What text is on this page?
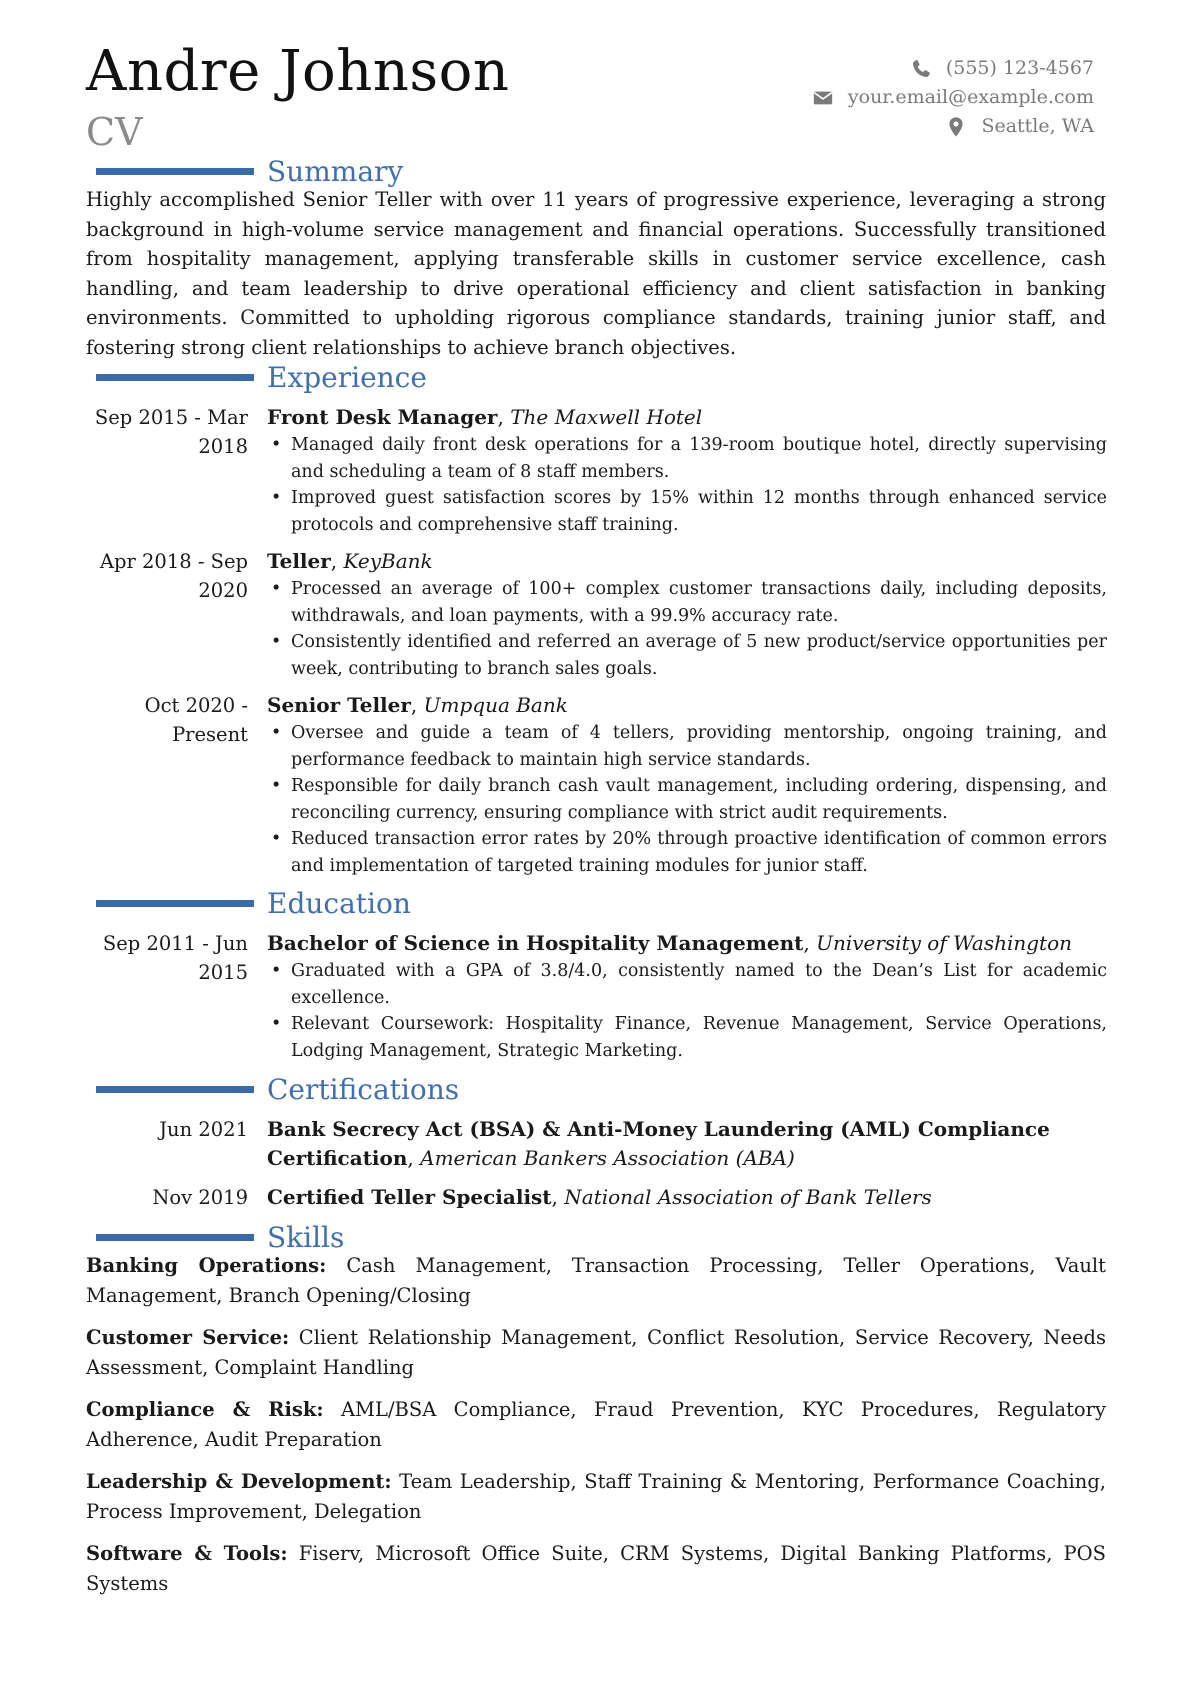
Andre Johnson
CV
(555) 123-4567
your.email@example.com
Seattle, WA
Summary
Highly accomplished Senior Teller with over 11 years of progressive experience, leveraging a strong background in high-volume service management and financial operations. Successfully transitioned from hospitality management, applying transferable skills in customer service excellence, cash handling, and team leadership to drive operational efficiency and client satisfaction in banking environments. Committed to upholding rigorous compliance standards, training junior staff, and fostering strong client relationships to achieve branch objectives.
Experience
Sep 2015 - Mar 2018
Front Desk Manager, The Maxwell Hotel
• Managed daily front desk operations for a 139-room boutique hotel, directly supervising and scheduling a team of 8 staff members.
• Improved guest satisfaction scores by 15% within 12 months through enhanced service protocols and comprehensive staff training.
Apr 2018 - Sep 2020
Teller, KeyBank
• Processed an average of 100+ complex customer transactions daily, including deposits, withdrawals, and loan payments, with a 99.9% accuracy rate.
• Consistently identified and referred an average of 5 new product/service opportunities per week, contributing to branch sales goals.
Oct 2020 - Present
Senior Teller, Umpqua Bank
• Oversee and guide a team of 4 tellers, providing mentorship, ongoing training, and performance feedback to maintain high service standards.
• Responsible for daily branch cash vault management, including ordering, dispensing, and reconciling currency, ensuring compliance with strict audit requirements.
• Reduced transaction error rates by 20% through proactive identification of common errors and implementation of targeted training modules for junior staff.
Education
Sep 2011 - Jun 2015
Bachelor of Science in Hospitality Management, University of Washington
• Graduated with a GPA of 3.8/4.0, consistently named to the Dean’s List for academic excellence.
• Relevant Coursework: Hospitality Finance, Revenue Management, Service Operations, Lodging Management, Strategic Marketing.
Certifications
Jun 2021 Bank Secrecy Act (BSA) & Anti-Money Laundering (AML) Compliance Certification, American Bankers Association (ABA)
Nov 2019 Certified Teller Specialist, National Association of Bank Tellers
Skills
Banking Operations: Cash Management, Transaction Processing, Teller Operations, Vault Management, Branch Opening/Closing
Customer Service: Client Relationship Management, Conflict Resolution, Service Recovery, Needs Assessment, Complaint Handling
Compliance & Risk: AML/BSA Compliance, Fraud Prevention, KYC Procedures, Regulatory Adherence, Audit Preparation
Leadership & Development: Team Leadership, Staff Training & Mentoring, Performance Coaching, Process Improvement, Delegation
Software & Tools: Fiserv, Microsoft Office Suite, CRM Systems, Digital Banking Platforms, POS Systems
